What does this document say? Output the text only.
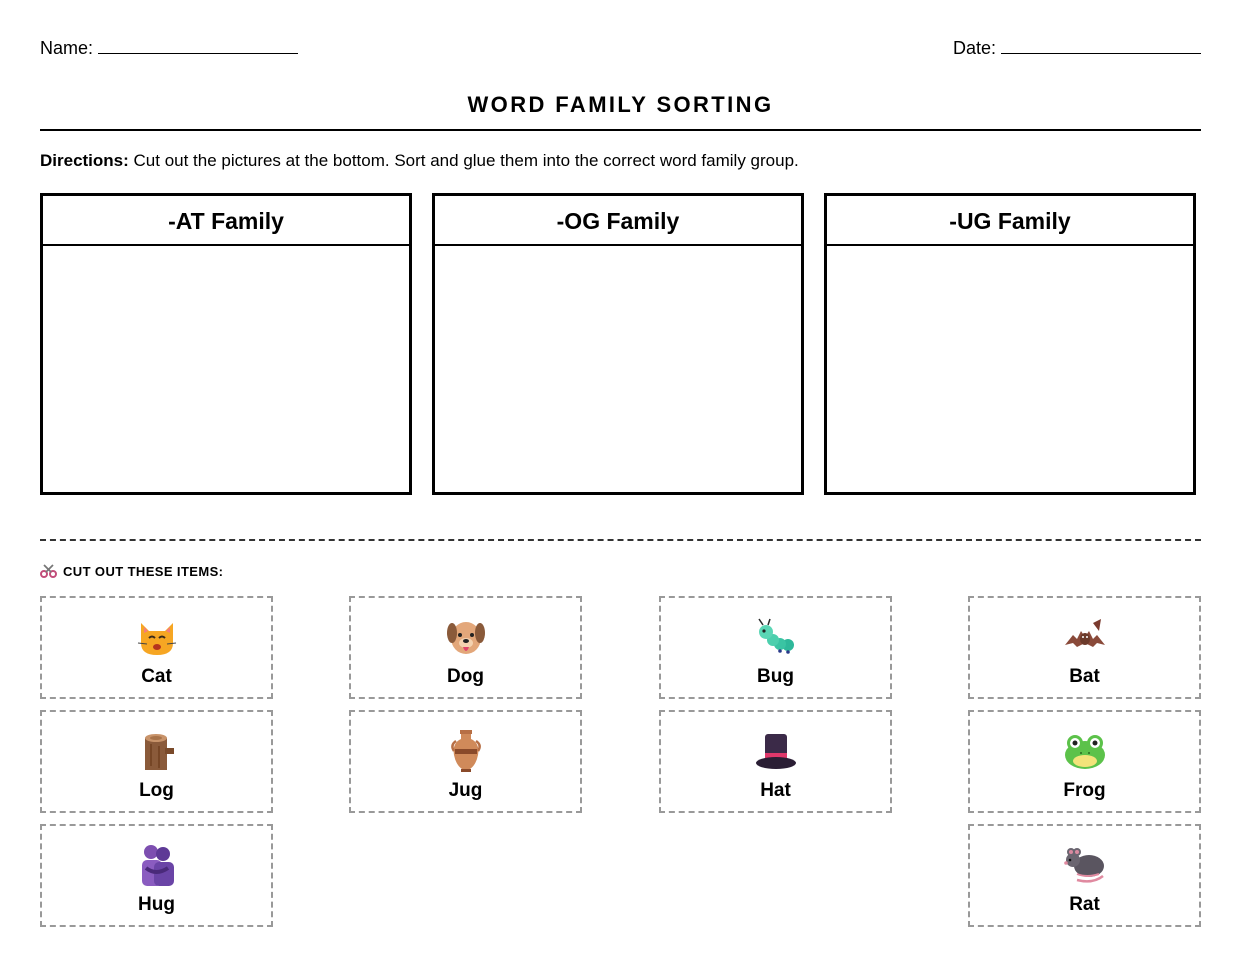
Name:	Date:
WORD FAMILY SORTING
Directions: Cut out the pictures at the bottom. Sort and glue them into the correct word family group.
-AT Family	-OG Family	-UG Family
CUT OUT THESE ITEMS:
Cat	Dog	Bug	Bat
Log	Jug	Hat	Frog
Hug	Rat
